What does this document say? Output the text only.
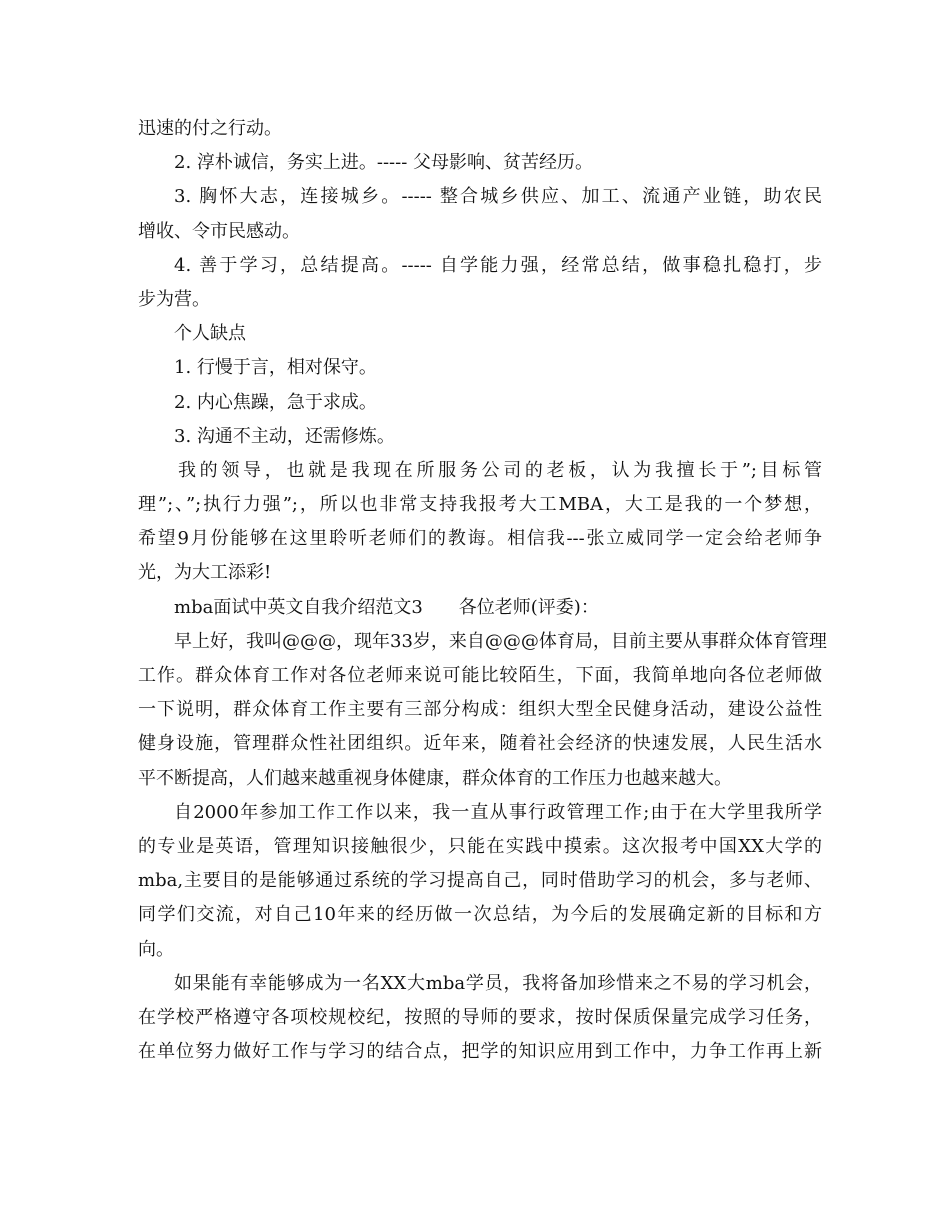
迅速的付之行动。
2. 淳朴诚信，务实上进。----- 父母影响、贫苦经历。
3. 胸怀大志，连接城乡。----- 整合城乡供应、加工、流通产业链，助农民
增收、令市民感动。
4. 善于学习，总结提高。----- 自学能力强，经常总结，做事稳扎稳打，步
步为营。
个人缺点
1. 行慢于言，相对保守。
2. 内心焦躁，急于求成。
3. 沟通不主动，还需修炼。
我的领导，也就是我现在所服务公司的老板，认为我擅长于”;目标管
理”;、”;执行力强”;，所以也非常支持我报考大工MBA，大工是我的一个梦想，
希望9月份能够在这里聆听老师们的教诲。相信我---张立威同学一定会给老师争
光，为大工添彩!
mba面试中英文自我介绍范文3 各位老师(评委)：
早上好，我叫@@@，现年33岁，来自@@@体育局，目前主要从事群众体育管理
工作。群众体育工作对各位老师来说可能比较陌生，下面，我简单地向各位老师做
一下说明，群众体育工作主要有三部分构成：组织大型全民健身活动，建设公益性
健身设施，管理群众性社团组织。近年来，随着社会经济的快速发展，人民生活水
平不断提高，人们越来越重视身体健康，群众体育的工作压力也越来越大。
自2000年参加工作工作以来，我一直从事行政管理工作;由于在大学里我所学
的专业是英语，管理知识接触很少，只能在实践中摸索。这次报考中国XX大学的
mba,主要目的是能够通过系统的学习提高自己，同时借助学习的机会，多与老师、
同学们交流，对自己10年来的经历做一次总结，为今后的发展确定新的目标和方
向。
如果能有幸能够成为一名XX大mba学员，我将备加珍惜来之不易的学习机会，
在学校严格遵守各项校规校纪，按照的导师的要求，按时保质保量完成学习任务，
在单位努力做好工作与学习的结合点，把学的知识应用到工作中，力争工作再上新
